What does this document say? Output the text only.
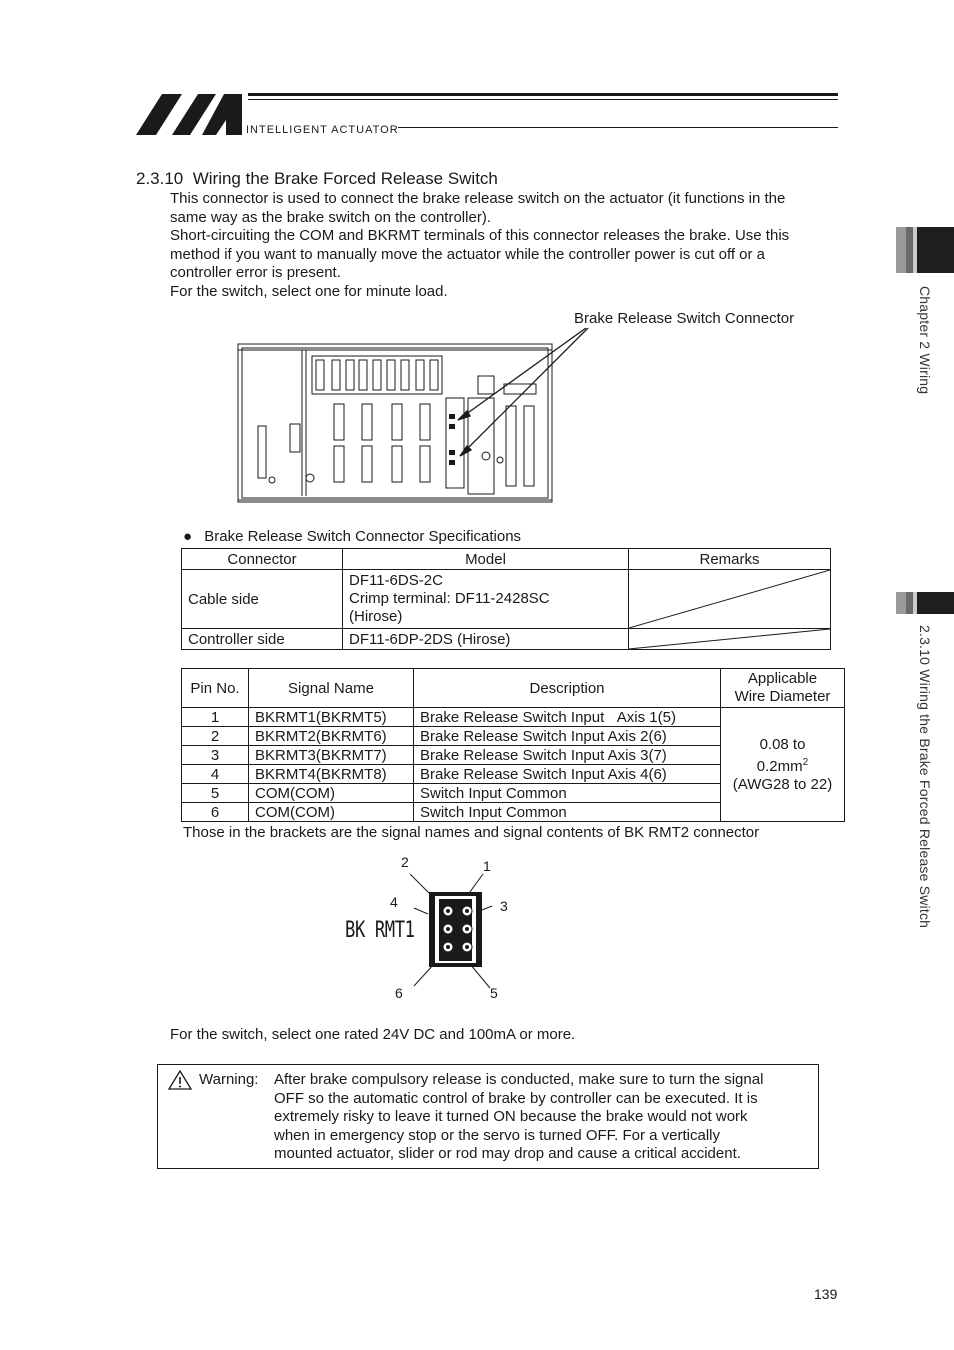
INTELLIGENT ACTUATOR
2.3.10  Wiring the Brake Forced Release Switch
This connector is used to connect the brake release switch on the actuator (it functions in the
same way as the brake switch on the controller).
Short-circuiting the COM and BKRMT terminals of this connector releases the brake. Use this
method if you want to manually move the actuator while the controller power is cut off or a
controller error is present.
For the switch, select one for minute load.
Brake Release Switch Connector
● Brake Release Switch Connector Specifications
Connector	Model	Remarks
Cable side	DF11-6DS-2C
Crimp terminal: DF11-2428SC
(Hirose)

Controller side	DF11-6DP-2DS (Hirose)	
Pin No.	Signal Name	Description	Applicable
Wire Diameter

1	BKRMT1(BKRMT5)	Brake Release Switch Input   Axis 1(5)	0.08 to
$0.2mm^2$
(AWG28 to 22)

2	BKRMT2(BKRMT6)	Brake Release Switch Input Axis 2(6)	
3	BKRMT3(BKRMT7)	Brake Release Switch Input Axis 3(7)	
4	BKRMT4(BKRMT8)	Brake Release Switch Input Axis 4(6)	
5	COM(COM)	Switch Input Common	
6	COM(COM)	Switch Input Common	
Those in the brackets are the signal names and signal contents of BK RMT2 connector
BK RMT1
2	1
4	3
6	5
For the switch, select one rated 24V DC and 100mA or more.
Warning: After brake compulsory release is conducted, make sure to turn the signal
OFF so the automatic control of brake by controller can be executed. It is
extremely risky to leave it turned ON because the brake would not work
when in emergency stop or the servo is turned OFF. For a vertically
mounted actuator, slider or rod may drop and cause a critical accident.
Chapter 2 Wiring
2.3.10 Wiring the Brake Forced Release Switch
139
